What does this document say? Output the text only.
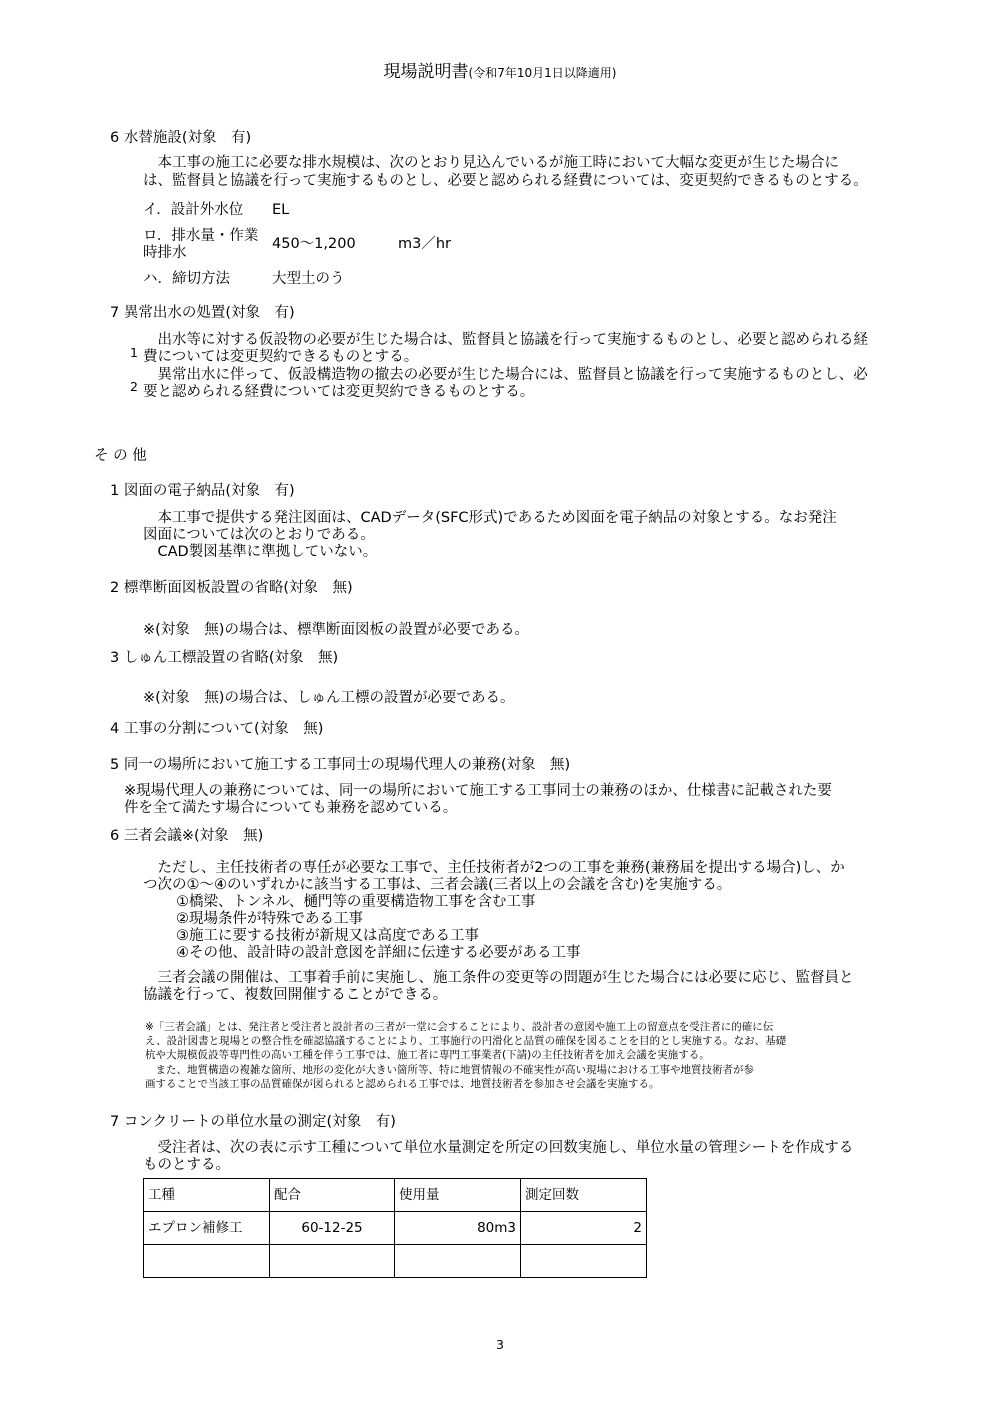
現場説明書(令和7年10月1日以降適用)
6 水替施設(対象　有)
　本工事の施工に必要な排水規模は、次のとおり見込んでいるが施工時において大幅な変更が生じた場合に
は、監督員と協議を行って実施するものとし、必要と認められる経費については、変更契約できるものとする。
イ．設計外水位 EL
ロ．排水量・作業
時排水
450～1,200	m3／hr
ハ．締切方法	大型土のう
7 異常出水の処置(対象　有)
1
　出水等に対する仮設物の必要が生じた場合は、監督員と協議を行って実施するものとし、必要と認められる経
費については変更契約できるものとする。
2
　異常出水に伴って、仮設構造物の撤去の必要が生じた場合には、監督員と協議を行って実施するものとし、必
要と認められる経費については変更契約できるものとする。
そ の 他
1 図面の電子納品(対象　有)
　本工事で提供する発注図面は、CADデータ(SFC形式)であるため図面を電子納品の対象とする。なお発注
図面については次のとおりである。
　CAD製図基準に準拠していない。
2 標準断面図板設置の省略(対象　無)
※(対象　無)の場合は、標準断面図板の設置が必要である。
3 しゅん工標設置の省略(対象　無)
※(対象　無)の場合は、しゅん工標の設置が必要である。
4 工事の分割について(対象　無)
5 同一の場所において施工する工事同士の現場代理人の兼務(対象　無)
※現場代理人の兼務については、同一の場所において施工する工事同士の兼務のほか、仕様書に記載された要
件を全て満たす場合についても兼務を認めている。
6 三者会議※(対象　無)
　ただし、主任技術者の専任が必要な工事で、主任技術者が2つの工事を兼務(兼務届を提出する場合)し、か
つ次の①～④のいずれかに該当する工事は、三者会議(三者以上の会議を含む)を実施する。
①橋梁、トンネル、樋門等の重要構造物工事を含む工事
②現場条件が特殊である工事
③施工に要する技術が新規又は高度である工事
④その他、設計時の設計意図を詳細に伝達する必要がある工事
　三者会議の開催は、工事着手前に実施し、施工条件の変更等の問題が生じた場合には必要に応じ、監督員と
協議を行って、複数回開催することができる。
※「三者会議」とは、発注者と受注者と設計者の三者が一堂に会することにより、設計者の意図や施工上の留意点を受注者に的確に伝
え、設計図書と現場との整合性を確認協議することにより、工事施行の円滑化と品質の確保を図ることを目的とし実施する。なお、基礎
杭や大規模仮設等専門性の高い工種を伴う工事では、施工者に専門工事業者(下請)の主任技術者を加え会議を実施する。
　また、地質構造の複雑な箇所、地形の変化が大きい箇所等、特に地質情報の不確実性が高い現場における工事や地質技術者が参
画することで当該工事の品質確保が図られると認められる工事では、地質技術者を参加させ会議を実施する。
7 コンクリートの単位水量の測定(対象　有)
　受注者は、次の表に示す工種について単位水量測定を所定の回数実施し、単位水量の管理シートを作成する
ものとする。
工種	配合	使用量	測定回数
エプロン補修工	60-12-25	80m3	2

3
